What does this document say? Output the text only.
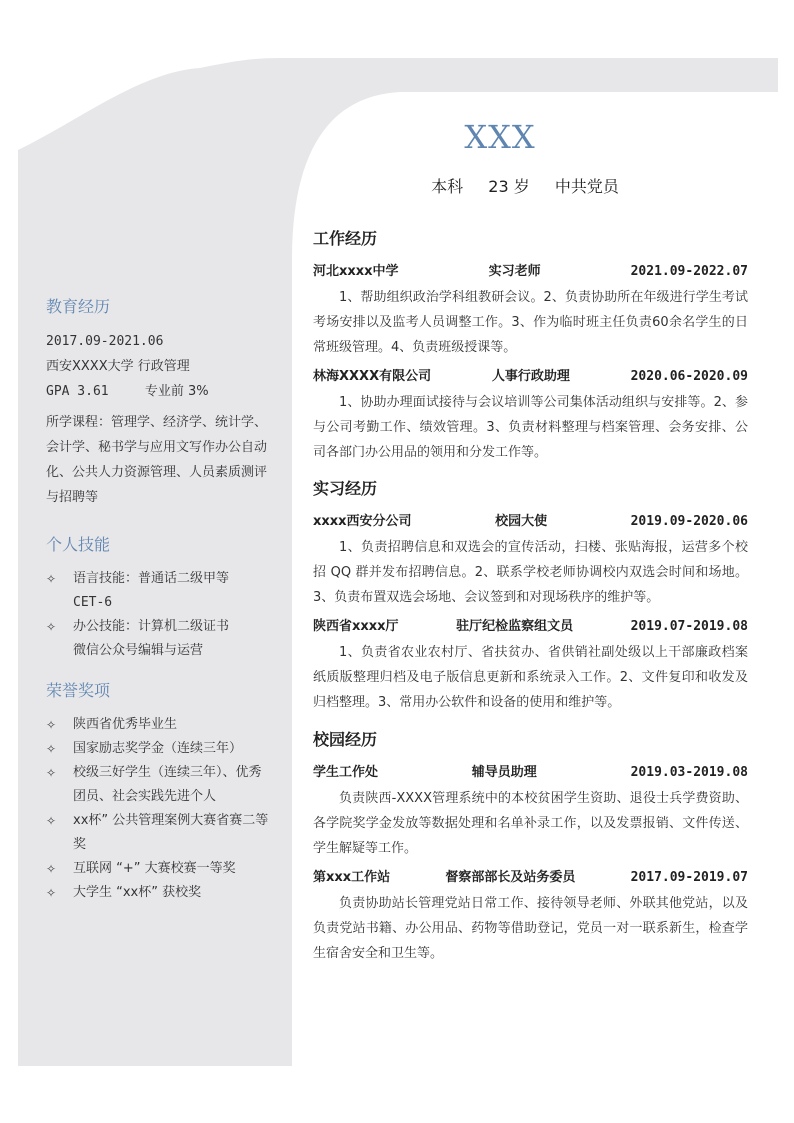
XXX
本科 23 岁 中共党员
教育经历
2017.09-2021.06
西安XXXX大学 行政管理
GPA 3.61	专业前 3%
所学课程：管理学、经济学、统计学、会计学、秘书学与应用文写作办公自动化、公共人力资源管理、人员素质测评与招聘等
个人技能
✧ 语言技能：普通话二级甲等
CET-6
✧ 办公技能：计算机二级证书
微信公众号编辑与运营
荣誉奖项
✧ 陕西省优秀毕业生
✧ 国家励志奖学金（连续三年）
✧ 校级三好学生（连续三年）、优秀团员、社会实践先进个人
✧ xx杯” 公共管理案例大赛省赛二等奖
✧ 互联网 “+” 大赛校赛一等奖
✧ 大学生 “xx杯” 获校奖
工作经历
河北xxxx中学	实习老师	2021.09-2022.07
1、帮助组织政治学科组教研会议。2、负责协助所在年级进行学生考试考场安排以及监考人员调整工作。3、作为临时班主任负责60余名学生的日常班级管理。4、负责班级授课等。
林海XXXX有限公司	人事行政助理	2020.06-2020.09
1、协助办理面试接待与会议培训等公司集体活动组织与安排等。2、参与公司考勤工作、绩效管理。3、负责材料整理与档案管理、会务安排、公司各部门办公用品的领用和分发工作等。
实习经历
xxxx西安分公司	校园大使	2019.09-2020.06
1、负责招聘信息和双选会的宣传活动，扫楼、张贴海报，运营多个校招 QQ 群并发布招聘信息。2、联系学校老师协调校内双选会时间和场地。3、负责布置双选会场地、会议签到和对现场秩序的维护等。
陕西省xxxx厅	驻厅纪检监察组文员	2019.07-2019.08
1、负责省农业农村厅、省扶贫办、省供销社副处级以上干部廉政档案纸质版整理归档及电子版信息更新和系统录入工作。2、文件复印和收发及归档整理。3、常用办公软件和设备的使用和维护等。
校园经历
学生工作处	辅导员助理	2019.03-2019.08
负责陕西-XXXX管理系统中的本校贫困学生资助、退役士兵学费资助、各学院奖学金发放等数据处理和名单补录工作，以及发票报销、文件传送、学生解疑等工作。
第xxx工作站	督察部部长及站务委员	2017.09-2019.07
负责协助站长管理党站日常工作、接待领导老师、外联其他党站，以及负责党站书籍、办公用品、药物等借助登记，党员一对一联系新生，检查学生宿舍安全和卫生等。
